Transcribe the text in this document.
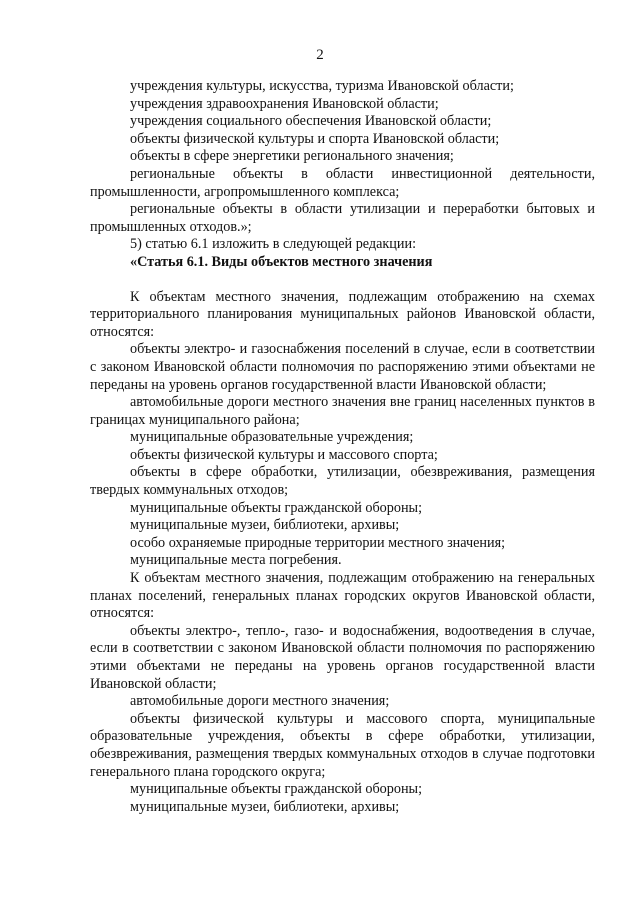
2

учреждения культуры, искусства, туризма Ивановской области;

учреждения здравоохранения Ивановской области;

учреждения социального обеспечения Ивановской области;

объекты физической культуры и спорта Ивановской области;

объекты в сфере энергетики регионального значения;

региональные объекты в области инвестиционной деятельности, промышленности, агропромышленного комплекса;

региональные объекты в области утилизации и переработки бытовых и промышленных отходов.»;

5) статью 6.1 изложить в следующей редакции:

«Статья 6.1. Виды объектов местного значения

К объектам местного значения, подлежащим отображению на схемах территориального планирования муниципальных районов Ивановской области, относятся:

объекты электро- и газоснабжения поселений в случае, если в соответствии с законом Ивановской области полномочия по распоряжению этими объектами не переданы на уровень органов государственной власти Ивановской области;

автомобильные дороги местного значения вне границ населенных пунктов в границах муниципального района;

муниципальные образовательные учреждения;

объекты физической культуры и массового спорта;

объекты в сфере обработки, утилизации, обезвреживания, размещения твердых коммунальных отходов;

муниципальные объекты гражданской обороны;

муниципальные музеи, библиотеки, архивы;

особо охраняемые природные территории местного значения;

муниципальные места погребения.

К объектам местного значения, подлежащим отображению на генеральных планах поселений, генеральных планах городских округов Ивановской области, относятся:

объекты электро-, тепло-, газо- и водоснабжения, водоотведения в случае, если в соответствии с законом Ивановской области полномочия по распоряжению этими объектами не переданы на уровень органов государственной власти Ивановской области;

автомобильные дороги местного значения;

объекты физической культуры и массового спорта, муниципальные образовательные учреждения, объекты в сфере обработки, утилизации, обезвреживания, размещения твердых коммунальных отходов в случае подготовки генерального плана городского округа;

муниципальные объекты гражданской обороны;

муниципальные музеи, библиотеки, архивы;
